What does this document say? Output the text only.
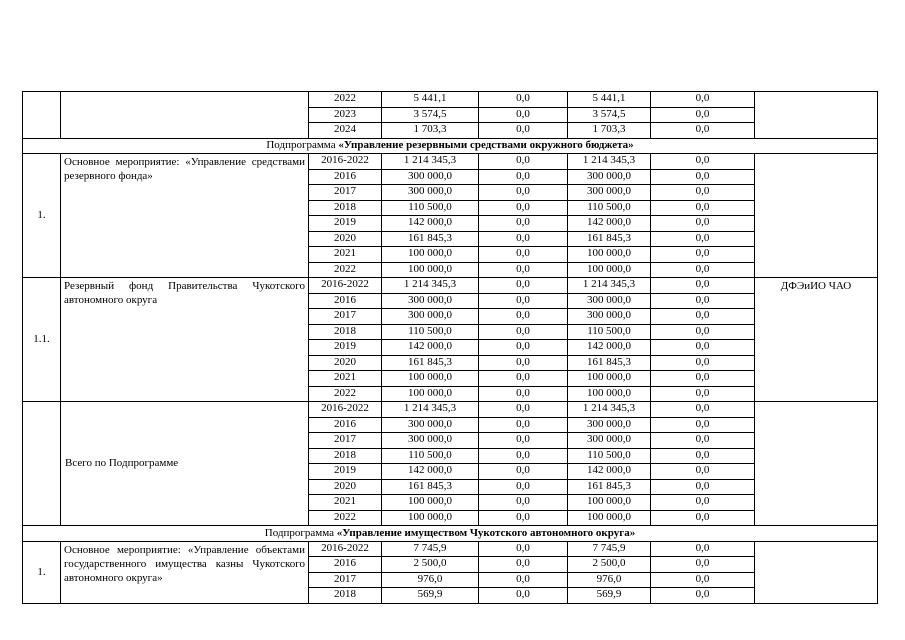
		2022	5 441,1	0,0	5 441,1	0,0	
		2023	3 574,5	0,0	3 574,5	0,0	
		2024	1 703,3	0,0	1 703,3	0,0	
Подпрограмма «Управление резервными средствами окружного бюджета»							
1.	Основное мероприятие: «Управление средствами резервного фонда»	2016-2022	1 214 345,3	0,0	1 214 345,3	0,0	
		2016	300 000,0	0,0	300 000,0	0,0	
		2017	300 000,0	0,0	300 000,0	0,0	
		2018	110 500,0	0,0	110 500,0	0,0	
		2019	142 000,0	0,0	142 000,0	0,0	
		2020	161 845,3	0,0	161 845,3	0,0	
		2021	100 000,0	0,0	100 000,0	0,0	
		2022	100 000,0	0,0	100 000,0	0,0	
1.1.	Резервный фонд Правительства Чукотского автономного округа	2016-2022	1 214 345,3	0,0	1 214 345,3	0,0	ДФЭиИО ЧАО
		2016	300 000,0	0,0	300 000,0	0,0	
		2017	300 000,0	0,0	300 000,0	0,0	
		2018	110 500,0	0,0	110 500,0	0,0	
		2019	142 000,0	0,0	142 000,0	0,0	
		2020	161 845,3	0,0	161 845,3	0,0	
		2021	100 000,0	0,0	100 000,0	0,0	
		2022	100 000,0	0,0	100 000,0	0,0	
	Всего по Подпрограмме	2016-2022	1 214 345,3	0,0	1 214 345,3	0,0	
		2016	300 000,0	0,0	300 000,0	0,0	
		2017	300 000,0	0,0	300 000,0	0,0	
		2018	110 500,0	0,0	110 500,0	0,0	
		2019	142 000,0	0,0	142 000,0	0,0	
		2020	161 845,3	0,0	161 845,3	0,0	
		2021	100 000,0	0,0	100 000,0	0,0	
		2022	100 000,0	0,0	100 000,0	0,0	
Подпрограмма «Управление имуществом Чукотского автономного округа»							
1.	Основное мероприятие: «Управление объектами государственного имущества казны Чукотского автономного округа»	2016-2022	7 745,9	0,0	7 745,9	0,0	
		2016	2 500,0	0,0	2 500,0	0,0	
		2017	976,0	0,0	976,0	0,0	
		2018	569,9	0,0	569,9	0,0	
